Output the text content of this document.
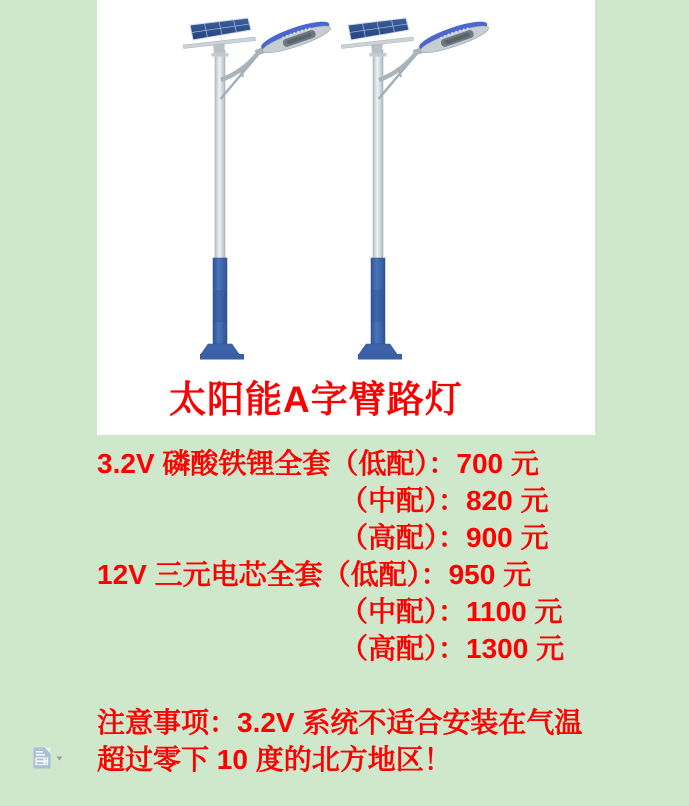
太阳能A字臂路灯
3.2V 磷酸铁锂全套（低配）：700 元
（中配）：820 元
（高配）：900 元
12V 三元电芯全套（低配）：950 元
（中配）：1100 元
（高配）：1300 元
注意事项：3.2V 系统不适合安装在气温
超过零下 10 度的北方地区！
